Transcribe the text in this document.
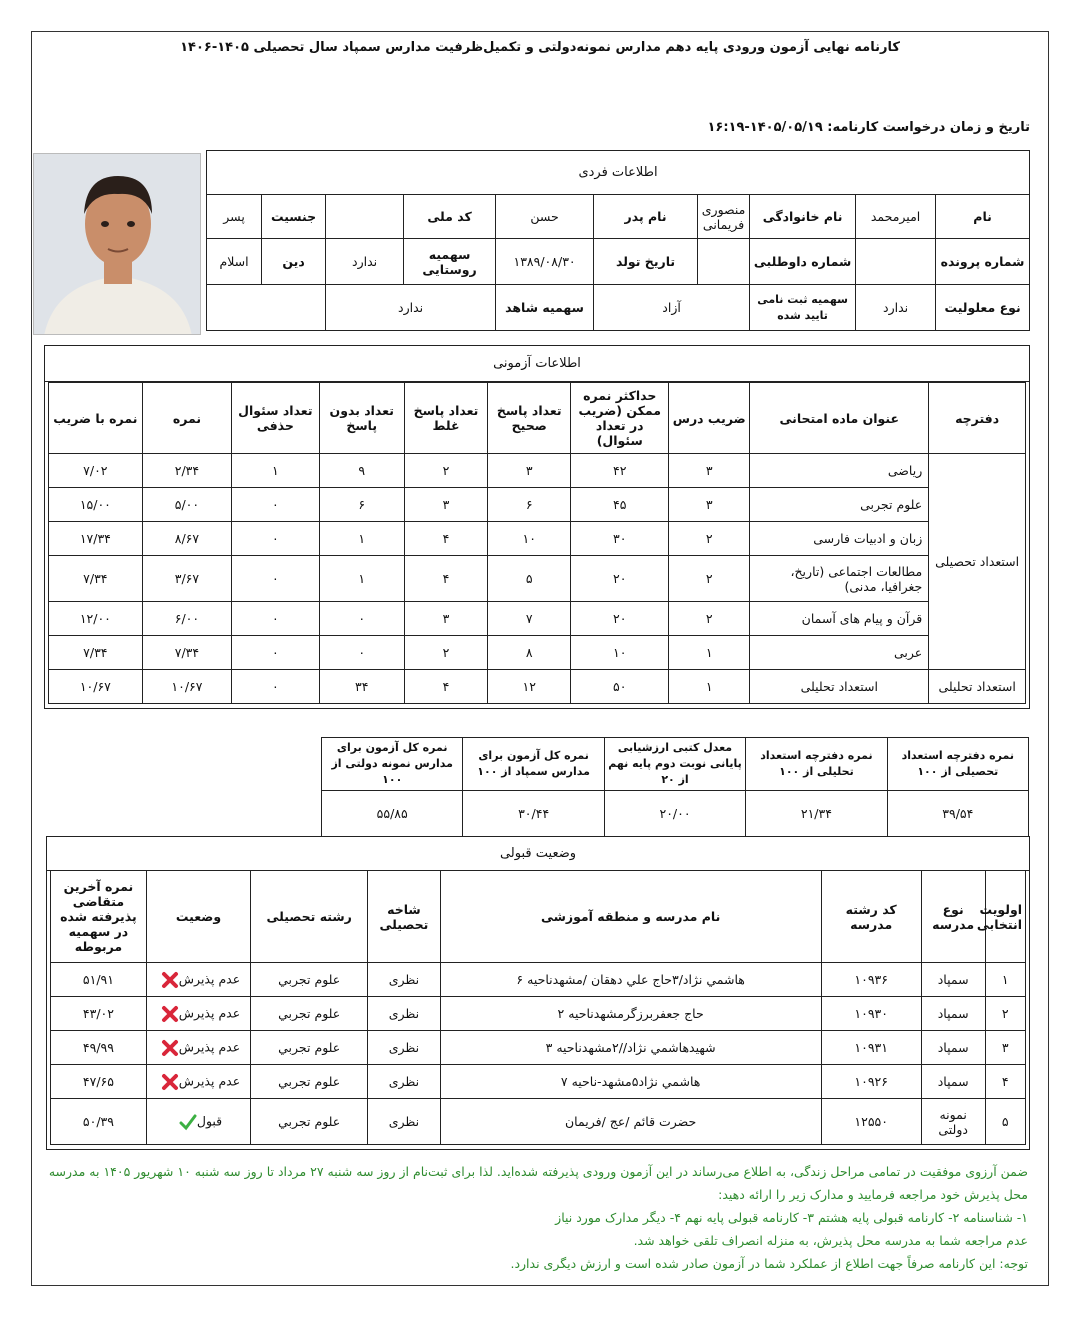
کارنامه نهایی آزمون ورودی پایه دهم مدارس نمونه‌دولتی و تکمیل‌ظرفیت مدارس سمپاد سال تحصیلی ۱۴۰۵-۱۴۰۶
تاریخ و زمان درخواست کارنامه: ۱۴۰۵/۰۵/۱۹-۱۶:۱۹
اطلاعات فردی									
نام	امیرمحمد	نام خانوادگی	منصوری فریمانی	نام پدر	حسن	کد ملی		جنسیت	پسر
شماره پرونده		شماره داوطلبی		تاریخ تولد	۱۳۸۹/۰۸/۳۰	سهمیه روستایی	ندارد	دین	اسلام
نوع معلولیت	ندارد	سهمیه ثبت نامی تایید شده	آزاد		سهمیه شاهد	ندارد			
اطلاعات آزمونی
دفترچه	عنوان ماده امتحانی	ضریب درس	حداکثر نمره ممکن (ضریب در تعداد سئوال)	تعداد پاسخ صحیح	تعداد پاسخ غلط	تعداد بدون پاسخ	تعداد سئوال حذفی	نمره	نمره با ضریب
استعداد تحصیلی	ریاضی	۳	۴۲	۳	۲	۹	۱	۲/۳۴	۷/۰۲
	علوم تجربی	۳	۴۵	۶	۳	۶	۰	۵/۰۰	۱۵/۰۰
	زبان و ادبیات فارسی	۲	۳۰	۱۰	۴	۱	۰	۸/۶۷	۱۷/۳۴
	مطالعات اجتماعی (تاریخ، جغرافیا، مدنی)	۲	۲۰	۵	۴	۱	۰	۳/۶۷	۷/۳۴
	قرآن و پیام های آسمان	۲	۲۰	۷	۳	۰	۰	۶/۰۰	۱۲/۰۰
	عربی	۱	۱۰	۸	۲	۰	۰	۷/۳۴	۷/۳۴
استعداد تحلیلی	استعداد تحلیلی	۱	۵۰	۱۲	۴	۳۴	۰	۱۰/۶۷	۱۰/۶۷
نمره دفترچه استعداد تحصیلی از ۱۰۰	نمره دفترچه استعداد تحلیلی از ۱۰۰	معدل کتبی ارزشیابی پایانی نوبت دوم پایه نهم از ۲۰	نمره کل آزمون برای مدارس سمپاد از ۱۰۰	نمره کل آزمون برای مدارس نمونه دولتی از ۱۰۰
۳۹/۵۴	۲۱/۳۴	۲۰/۰۰	۳۰/۴۴	۵۵/۸۵
وضعیت قبولی
اولویت انتخابی	نوع مدرسه	کد رشته مدرسه	نام مدرسه و منطقه آموزشی	شاخه تحصیلی	رشته تحصیلی	وضعیت	نمره آخرین متقاضی پذیرفته شده در سهمیه مربوطه
۱	سمپاد	۱۰۹۳۶	هاشمي نژاد/۳حاج علي دهقان /مشهدناحيه ۶	نظری	علوم تجربي	عدم پذيرش	۵۱/۹۱
۲	سمپاد	۱۰۹۳۰	حاج جعفربرزگرمشهدناحيه ۲	نظری	علوم تجربي	عدم پذيرش	۴۳/۰۲
۳	سمپاد	۱۰۹۳۱	شهيدهاشمي نژاد//۲مشهدناحيه ۳	نظری	علوم تجربي	عدم پذيرش	۴۹/۹۹
۴	سمپاد	۱۰۹۲۶	هاشمي نژاد۵مشهد-ناحيه ۷	نظری	علوم تجربي	عدم پذيرش	۴۷/۶۵
۵	نمونه دولتی	۱۲۵۵۰	حضرت قائم /عج /فريمان	نظری	علوم تجربي	قبول	۵۰/۳۹
ضمن آرزوی موفقیت در تمامی مراحل زندگی، به اطلاع می‌رساند در این آزمون ورودی پذیرفته شده‌اید. لذا برای ثبت‌نام از روز سه شنبه ۲۷ مرداد تا روز سه شنبه ۱۰ شهریور ۱۴۰۵ به مدرسه
محل پذیرش خود مراجعه فرمایید و مدارک زیر را ارائه دهید:
۱- شناسنامه ۲- کارنامه قبولی پایه هشتم ۳- کارنامه قبولی پایه نهم ۴- دیگر مدارک مورد نیاز
عدم مراجعه شما به مدرسه محل پذیرش، به منزله انصراف تلقی خواهد شد.
توجه: این کارنامه صرفاً جهت اطلاع از عملکرد شما در آزمون صادر شده است و ارزش دیگری ندارد.
